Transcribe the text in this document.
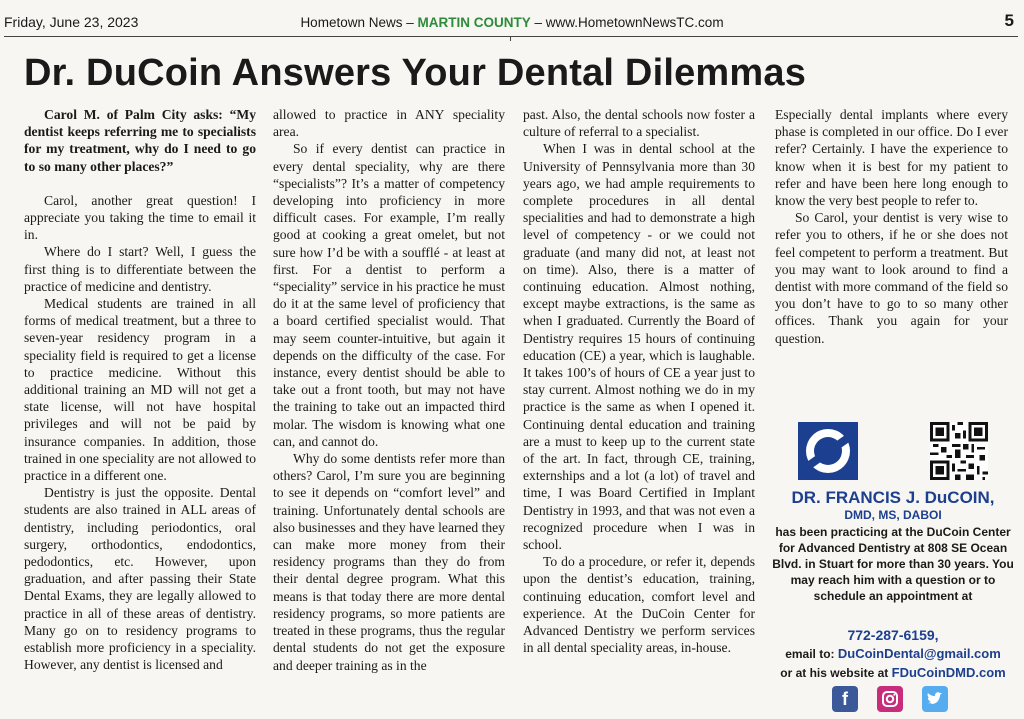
Friday, June 23, 2023	Hometown News – MARTIN COUNTY – www.HometownNewsTC.com	5
Dr. DuCoin Answers Your Dental Dilemmas

Carol M. of Palm City asks: “My dentist keeps referring me to specialists for my treatment, why do I need to go to so many other places?”

Carol, another great question! I appreciate you taking the time to email it in.

Where do I start? Well, I guess the first thing is to differentiate between the practice of medicine and dentistry.

Medical students are trained in all forms of medical treatment, but a three to seven-year residency program in a speciality field is required to get a license to practice medicine. Without this additional training an MD will not get a state license, will not have hospital privileges and will not be paid by insurance companies. In addition, those trained in one speciality are not allowed to practice in a different one.

Dentistry is just the opposite. Dental students are also trained in ALL areas of dentistry, including periodontics, oral surgery, orthodontics, endodontics, pedodontics, etc. However, upon graduation, and after passing their State Dental Exams, they are legally allowed to practice in all of these areas of dentistry. Many go on to residency programs to establish more proficiency in a speciality. However, any dentist is licensed and

allowed to practice in ANY speciality area.

So if every dentist can practice in every dental speciality, why are there “specialists”? It’s a matter of competency developing into proficiency in more difficult cases. For example, I’m really good at cooking a great omelet, but not sure how I’d be with a soufflé - at least at first. For a dentist to perform a “speciality” service in his practice he must do it at the same level of proficiency that a board certified specialist would. That may seem counter-intuitive, but again it depends on the difficulty of the case. For instance, every dentist should be able to take out a front tooth, but may not have the training to take out an impacted third molar. The wisdom is knowing what one can, and cannot do.

Why do some dentists refer more than others? Carol, I’m sure you are beginning to see it depends on “comfort level” and training. Unfortunately dental schools are also businesses and they have learned they can make more money from their residency programs than they do from their dental degree program. What this means is that today there are more dental residency programs, so more patients are treated in these programs, thus the regular dental students do not get the exposure and deeper training as in the

past. Also, the dental schools now foster a culture of referral to a specialist.

When I was in dental school at the University of Pennsylvania more than 30 years ago, we had ample requirements to complete procedures in all dental specialities and had to demonstrate a high level of competency - or we could not graduate (and many did not, at least not on time). Also, there is a matter of continuing education. Almost nothing, except maybe extractions, is the same as when I graduated. Currently the Board of Dentistry requires 15 hours of continuing education (CE) a year, which is laughable. It takes 100’s of hours of CE a year just to stay current. Almost nothing we do in my practice is the same as when I opened it. Continuing dental education and training are a must to keep up to the current state of the art. In fact, through CE, training, externships and a lot (a lot) of travel and time, I was Board Certified in Implant Dentistry in 1993, and that was not even a recognized procedure when I was in school.

To do a procedure, or refer it, depends upon the dentist’s education, training, continuing education, comfort level and experience. At the DuCoin Center for Advanced Dentistry we perform services in all dental speciality areas, in-house.

Especially dental implants where every phase is completed in our office. Do I ever refer? Certainly. I have the experience to know when it is best for my patient to refer and have been here long enough to know the very best people to refer to.

So Carol, your dentist is very wise to refer you to others, if he or she does not feel competent to perform a treatment. But you may want to look around to find a dentist with more command of the field so you don’t have to go to so many other offices. Thank you again for your question.

DR. FRANCIS J. DuCOIN,
DMD, MS, DABOI
has been practicing at the DuCoin Center for Advanced Dentistry at 808 SE Ocean Blvd. in Stuart for more than 30 years. You may reach him with a question or to schedule an appointment at
772-287-6159,
email to: DuCoinDental@gmail.com
or at his website at FDuCoinDMD.com
f
